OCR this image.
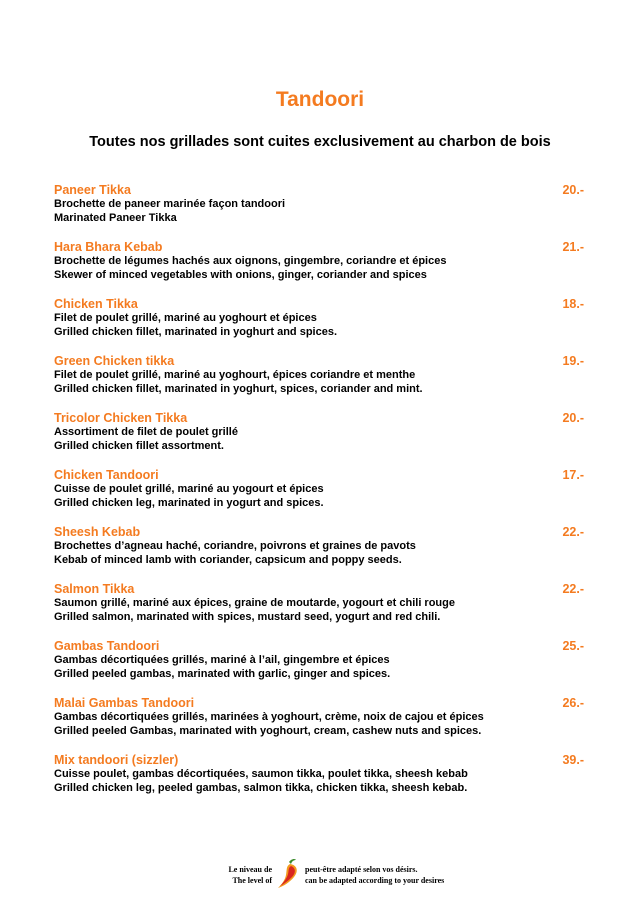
Tandoori
Toutes nos grillades sont cuites exclusivement au charbon de bois
Paneer Tikka	20.-
Brochette de paneer marinée façon tandoori
Marinated Paneer Tikka
Hara Bhara Kebab	21.-
Brochette de légumes hachés aux oignons, gingembre, coriandre et épices
Skewer of minced vegetables with onions, ginger, coriander and spices
Chicken Tikka	18.-
Filet de poulet grillé, mariné au yoghourt et épices
Grilled chicken fillet, marinated in yoghurt and spices.
Green Chicken tikka	19.-
Filet de poulet grillé, mariné au yoghourt, épices coriandre et menthe
Grilled chicken fillet, marinated in yoghurt, spices, coriander and mint.
Tricolor Chicken Tikka	20.-
Assortiment de filet de poulet grillé
Grilled chicken fillet assortment.
Chicken Tandoori	17.-
Cuisse de poulet grillé, mariné au yogourt et épices
Grilled chicken leg, marinated in yogurt and spices.
Sheesh Kebab	22.-
Brochettes d’agneau haché, coriandre, poivrons et graines de pavots
Kebab of minced lamb with coriander, capsicum and poppy seeds.
Salmon Tikka	22.-
Saumon grillé, mariné aux épices, graine de moutarde, yogourt et chili rouge
Grilled salmon, marinated with spices, mustard seed, yogurt and red chili.
Gambas Tandoori	25.-
Gambas décortiquées grillés, mariné à l’ail, gingembre et épices
Grilled peeled gambas, marinated with garlic, ginger and spices.
Malai Gambas Tandoori	26.-
Gambas décortiquées grillés, marinées à yoghourt, crème, noix de cajou et épices
Grilled peeled Gambas, marinated with yoghourt, cream, cashew nuts and spices.
Mix tandoori (sizzler)	39.-
Cuisse poulet, gambas décortiquées, saumon tikka, poulet tikka, sheesh kebab
Grilled chicken leg, peeled gambas, salmon tikka, chicken tikka, sheesh kebab.
Le niveau de
The level of
peut-être adapté selon vos désirs.
can be adapted according to your desires
